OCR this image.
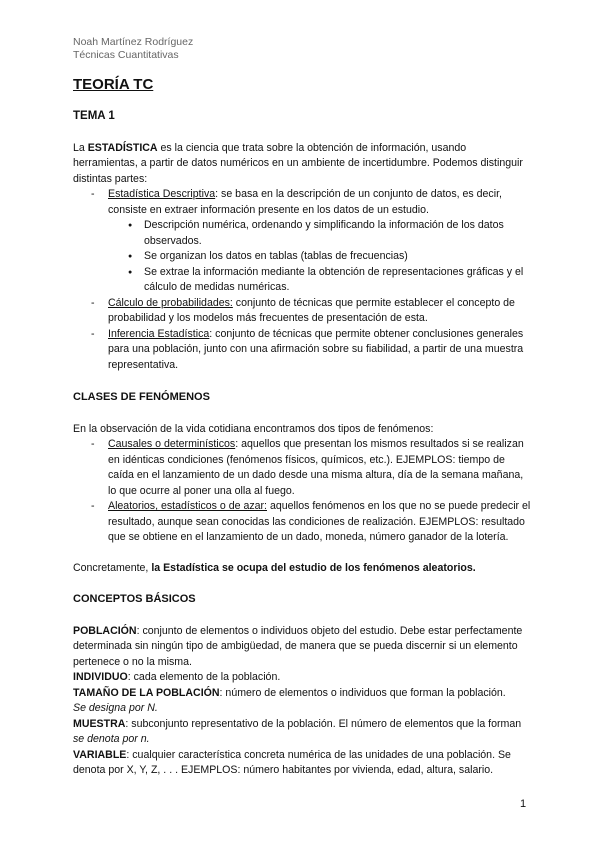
Noah Martínez Rodríguez
Técnicas Cuantitativas
TEORÍA TC
TEMA 1

La ESTADÍSTICA es la ciencia que trata sobre la obtención de información, usando herramientas, a partir de datos numéricos en un ambiente de incertidumbre. Podemos distinguir distintas partes:

- Estadística Descriptiva: se basa en la descripción de un conjunto de datos, es decir, consiste en extraer información presente en los datos de un estudio.
● Descripción numérica, ordenando y simplificando la información de los datos observados.
● Se organizan los datos en tablas (tablas de frecuencias)
● Se extrae la información mediante la obtención de representaciones gráficas y el cálculo de medidas numéricas.
- Cálculo de probabilidades: conjunto de técnicas que permite establecer el concepto de probabilidad y los modelos más frecuentes de presentación de esta.
- Inferencia Estadística: conjunto de técnicas que permite obtener conclusiones generales para una población, junto con una afirmación sobre su fiabilidad, a partir de una muestra representativa.
CLASES DE FENÓMENOS

En la observación de la vida cotidiana encontramos dos tipos de fenómenos:

- Causales o determinísticos: aquellos que presentan los mismos resultados si se realizan en idénticas condiciones (fenómenos físicos, químicos, etc.). EJEMPLOS: tiempo de caída en el lanzamiento de un dado desde una misma altura, día de la semana mañana, lo que ocurre al poner una olla al fuego.
- Aleatorios, estadísticos o de azar: aquellos fenómenos en los que no se puede predecir el resultado, aunque sean conocidas las condiciones de realización. EJEMPLOS: resultado que se obtiene en el lanzamiento de un dado, moneda, número ganador de la lotería.

Concretamente, la Estadística se ocupa del estudio de los fenómenos aleatorios.

CONCEPTOS BÁSICOS

POBLACIÓN: conjunto de elementos o individuos objeto del estudio. Debe estar perfectamente determinada sin ningún tipo de ambigüedad, de manera que se pueda discernir si un elemento pertenece o no la misma.

INDIVIDUO: cada elemento de la población.

TAMAÑO DE LA POBLACIÓN: número de elementos o individuos que forman la población.
Se designa por N.

MUESTRA: subconjunto representativo de la población. El número de elementos que la forman se denota por n.

VARIABLE: cualquier característica concreta numérica de las unidades de una población. Se denota por X, Y, Z, . . . EJEMPLOS: número habitantes por vivienda, edad, altura, salario.

1
